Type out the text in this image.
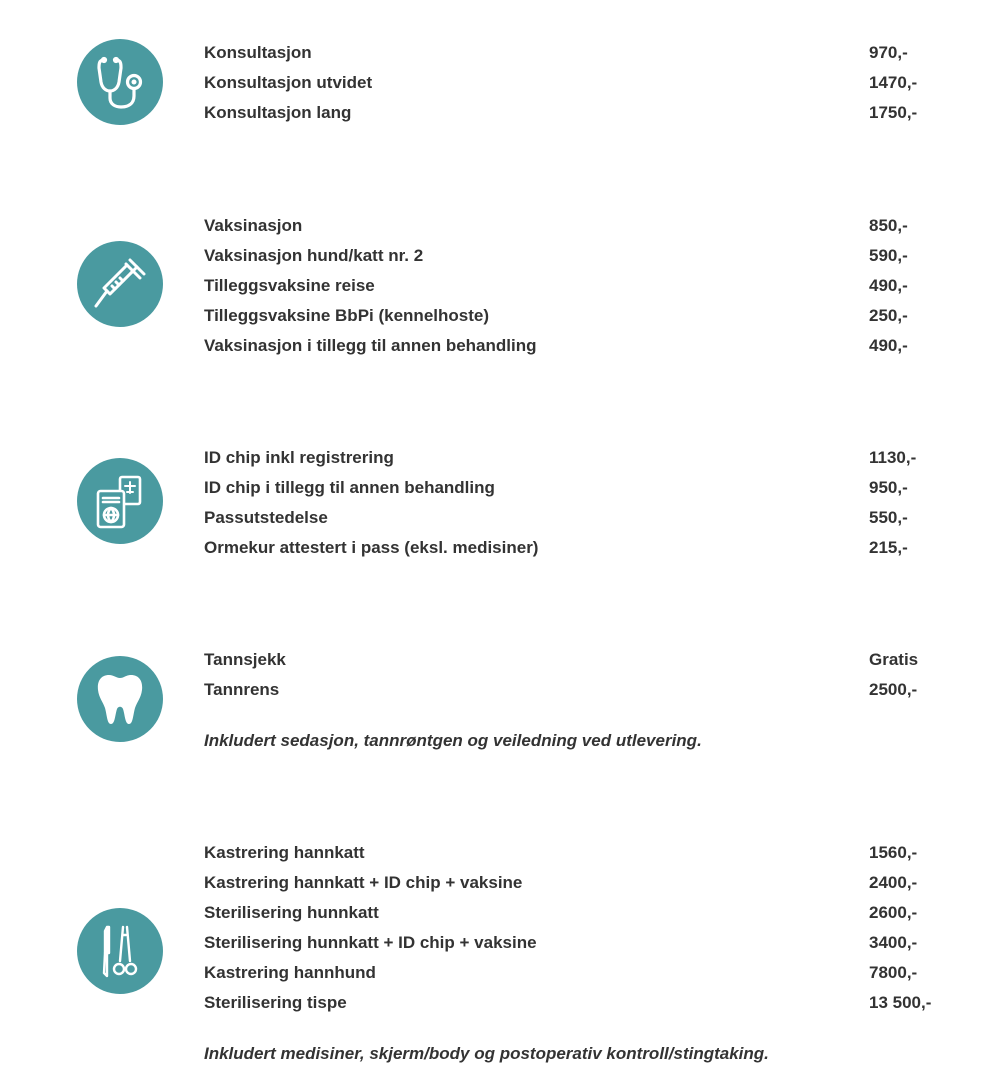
Konsultasjon	970,-
Konsultasjon utvidet	1470,-
Konsultasjon lang	1750,-
Vaksinasjon	850,-
Vaksinasjon hund/katt nr. 2	590,-
Tilleggsvaksine reise	490,-
Tilleggsvaksine BbPi (kennelhoste)	250,-
Vaksinasjon i tillegg til annen behandling	490,-
ID chip inkl registrering	1130,-
ID chip i tillegg til annen behandling	950,-
Passutstedelse	550,-
Ormekur attestert i pass (eksl. medisiner)	215,-
Tannsjekk	Gratis
Tannrens	2500,-
Inkludert sedasjon, tannrøntgen og veiledning ved utlevering.
Kastrering hannkatt	1560,-
Kastrering hannkatt + ID chip + vaksine	2400,-
Sterilisering hunnkatt	2600,-
Sterilisering hunnkatt + ID chip + vaksine	3400,-
Kastrering hannhund	7800,-
Sterilisering tispe	13 500,-
Inkludert medisiner, skjerm/body og postoperativ kontroll/stingtaking.
